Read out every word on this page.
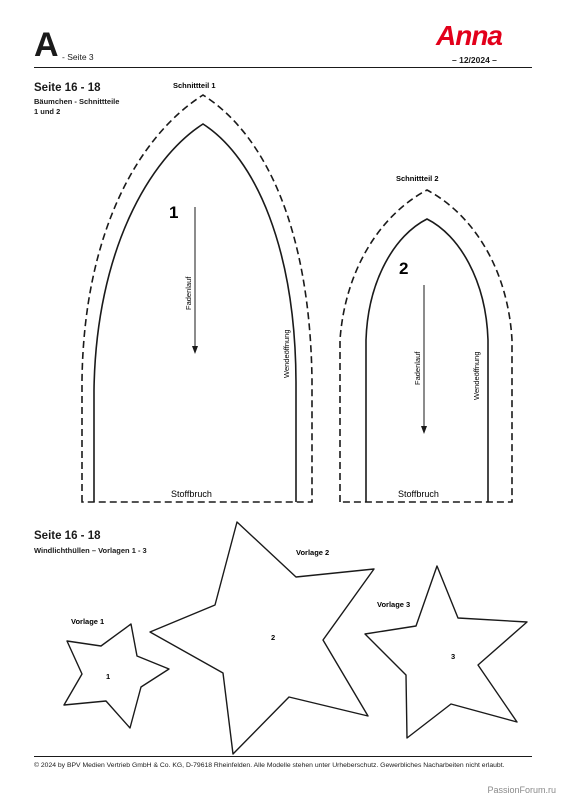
A - Seite 3
Anna
– 12/2024 –
Seite 16 - 18
Bäumchen - Schnittteile
1 und 2
Seite 16 - 18
Windlichthüllen – Vorlagen 1 - 3
Schnittteil 1
1
Fadenlauf
Wendeöffnung
Stoffbruch
Schnittteil 2
2
Fadenlauf	Wendeöffnung
Stoffbruch
Vorlage 1
1
Vorlage 2
2
Vorlage 3
3
© 2024 by BPV Medien Vertrieb GmbH & Co. KG, D-79618 Rheinfelden. Alle Modelle stehen unter Urheberschutz. Gewerbliches Nacharbeiten nicht erlaubt.
PassionForum.ru
